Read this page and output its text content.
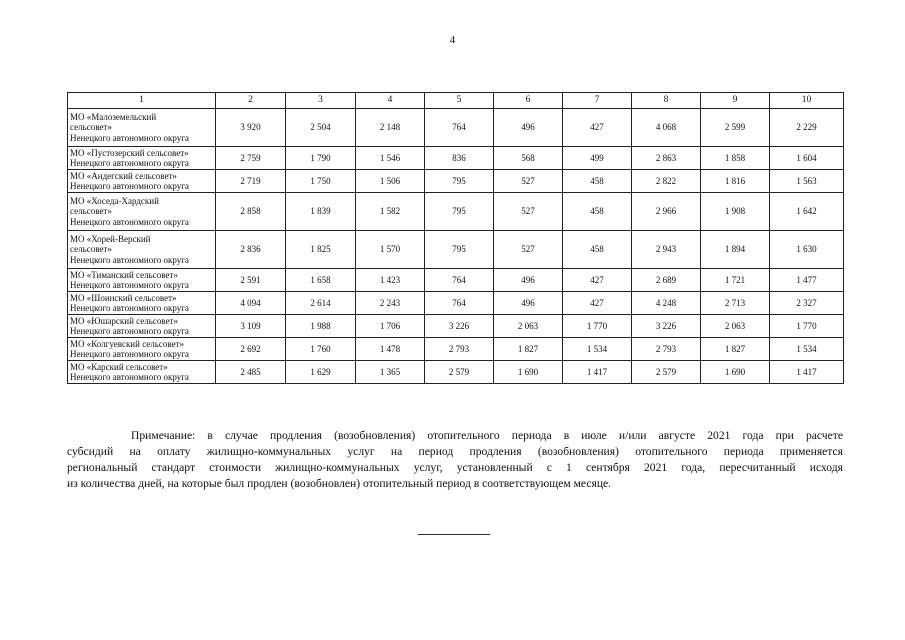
4
1	2	3	4	5	6	7	8	9	10

МО «Малоземельский
сельсовет»
Ненецкого автономного округа	3 920	2 504	2 148	764	496	427	4 068	2 599	2 229

МО «Пустозерский сельсовет»
Ненецкого автономного округа	2 759	1 790	1 546	836	568	499	2 863	1 858	1 604

МО «Андегский сельсовет»
Ненецкого автономного округа	2 719	1 750	1 506	795	527	458	2 822	1 816	1 563

МО «Хоседа-Хардский
сельсовет»
Ненецкого автономного округа	2 858	1 839	1 582	795	527	458	2 966	1 908	1 642

МО «Хорей-Верский
сельсовет»
Ненецкого автономного округа	2 836	1 825	1 570	795	527	458	2 943	1 894	1 630

МО «Тиманский сельсовет»
Ненецкого автономного округа	2 591	1 658	1 423	764	496	427	2 689	1 721	1 477

МО «Шоинский сельсовет»
Ненецкого автономного округа	4 094	2 614	2 243	764	496	427	4 248	2 713	2 327

МО «Юшарский сельсовет»
Ненецкого автономного округа	3 109	1 988	1 706	3 226	2 063	1 770	3 226	2 063	1 770

МО «Колгуевский сельсовет»
Ненецкого автономного округа	2 692	1 760	1 478	2 793	1 827	1 534	2 793	1 827	1 534

МО «Карский сельсовет»
Ненецкого автономного округа	2 485	1 629	1 365	2 579	1 690	1 417	2 579	1 690	1 417
Примечание: в случае продления (возобновления) отопительного периода в июле и/или августе 2021 года при расчете
субсидий на оплату жилищно-коммунальных услуг на период продления (возобновления) отопительного периода применяется
региональный стандарт стоимости жилищно-коммунальных услуг, установленный с 1 сентября 2021 года, пересчитанный исходя
из количества дней, на которые был продлен (возобновлен) отопительный период в соответствующем месяце.
